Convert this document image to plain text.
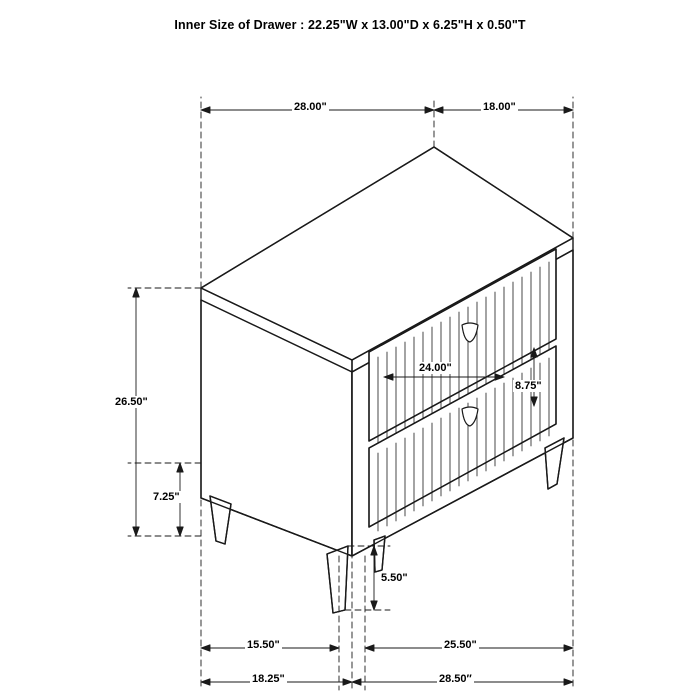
Inner Size of Drawer : 22.25"W x 13.00"D x 6.25"H x 0.50"T
28.00"	18.00"
26.50"
7.25"
24.00"
8.75"
5.50"
15.50"	25.50"
18.25"	28.50″
